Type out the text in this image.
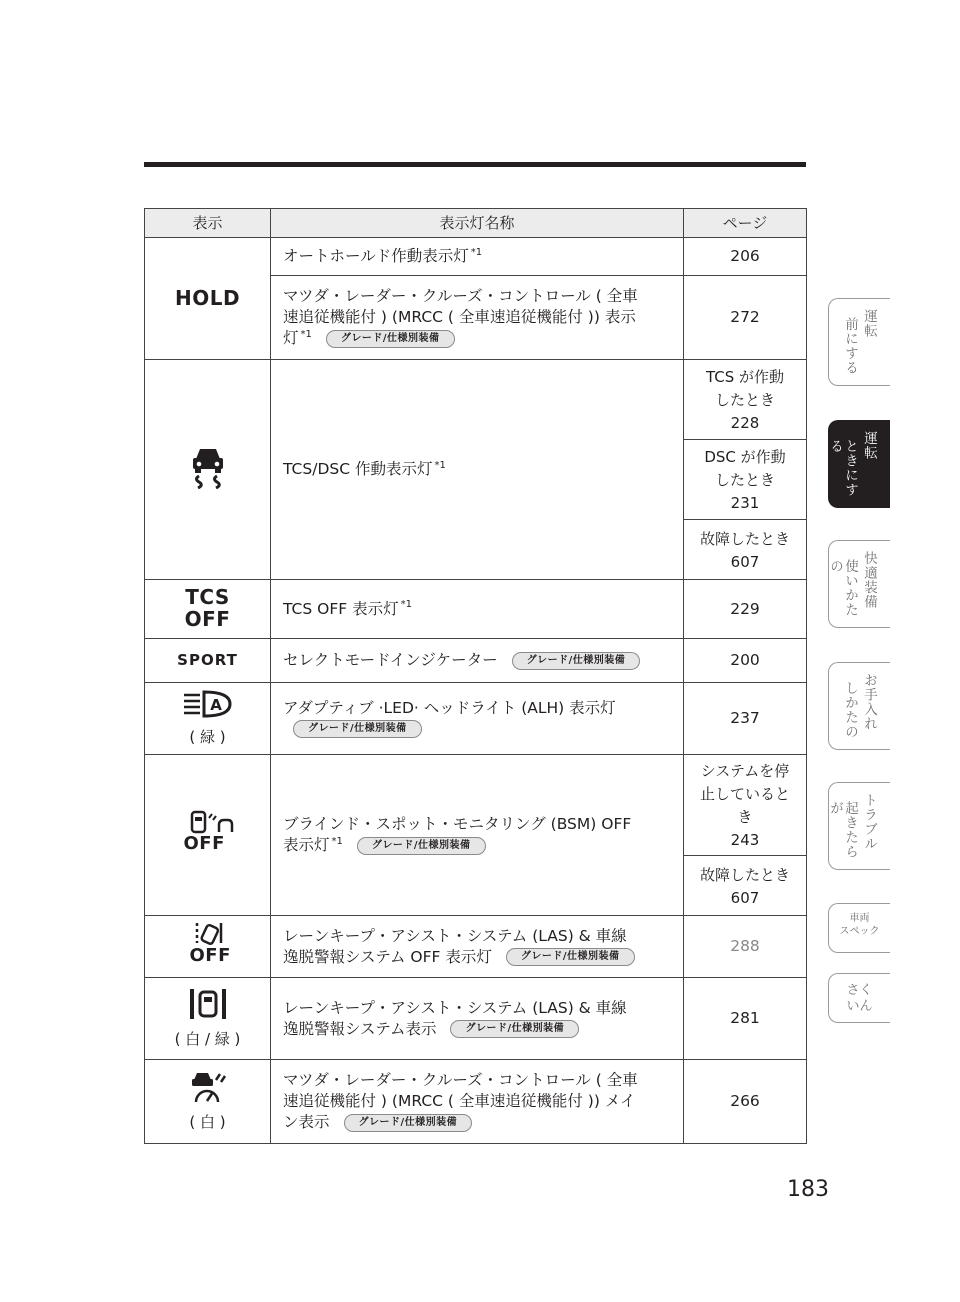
表示	表示灯名称	ページ
HOLD	オートホールド作動表示灯 $^{*1}$	206
	マツダ・レーダー・クルーズ・コントロール ( 全車
速追従機能付 ) (MRCC ( 全車速追従機能付 )) 表示
灯 $^{*1}$ グレード/仕様別装備	272
	TCS/DSC 作動表示灯 $^{*1}$	TCS が作動
したとき
228

		DSC が作動
したとき
231

		故障したとき
607

TCS
OFF	TCS OFF 表示灯 $^{*1}$	229
SPORT	セレクトモードインジケーター グレード/仕様別装備	200

A
( 緑 )	アダプティブ ·LED· ヘッドライト (ALH) 表示灯
グレード/仕様別装備	237

OFF	ブラインド・スポット・モニタリング (BSM) OFF
表示灯 $^{*1}$ グレード/仕様別装備	システムを停
止していると
き
243

		故障したとき
607

OFF	レーンキープ・アシスト・システム (LAS) & 車線
逸脱警報システム OFF 表示灯 グレード/仕様別装備	288

( 白 / 緑 )	レーンキープ・アシスト・システム (LAS) & 車線
逸脱警報システム表示 グレード/仕様別装備	281

( 白 )	マツダ・レーダー・クルーズ・コントロール ( 全車
速追従機能付 ) (MRCC ( 全車速追従機能付 )) メイ
ン表示 グレード/仕様別装備	266
運転
前にする
運転
ときにする
快適装備
使いかたの
お手入れ
しかたの
トラブル
起きたらが
車両
スペック
さく
いん
183
